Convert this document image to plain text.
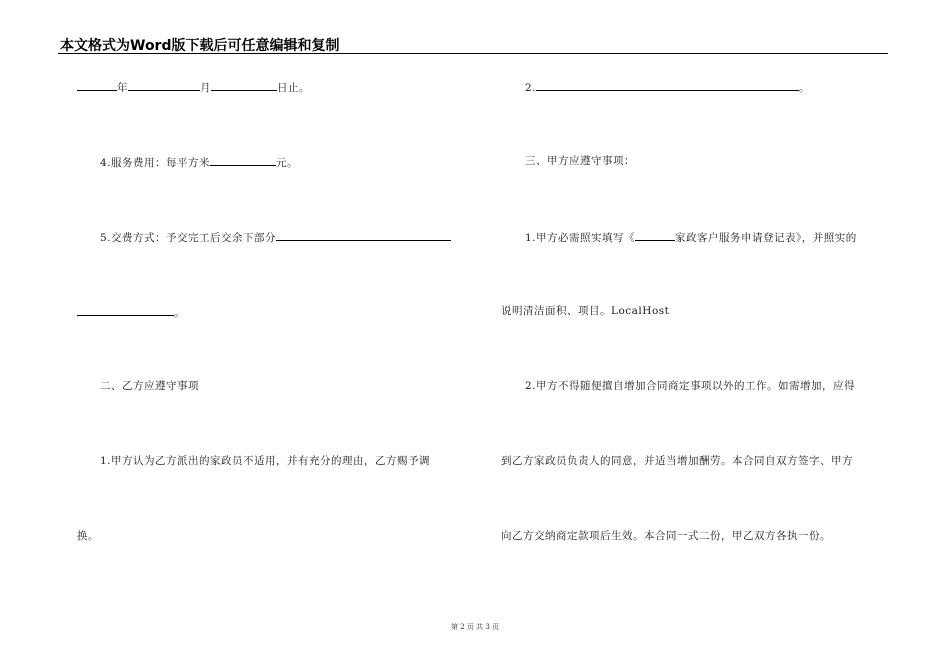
本文格式为Word版下载后可任意编辑和复制
年	月	日止。
4.服务费用：每平方米	元。
5.交费方式：予交完工后交余下部分
。
二、乙方应遵守事项
1.甲方认为乙方派出的家政员不适用，并有充分的理由，乙方赐予调
换。
2.	。
三、甲方应遵守事项：
1.甲方必需照实填写《	家政客户服务申请登记表》，并照实的
说明清洁面积、项目。LocalHost
2.甲方不得随便擅自增加合同商定事项以外的工作。如需增加，应得
到乙方家政员负责人的同意，并适当增加酬劳。本合同自双方签字、甲方
向乙方交纳商定款项后生效。本合同一式二份，甲乙双方各执一份。
第 2 页 共 3 页
